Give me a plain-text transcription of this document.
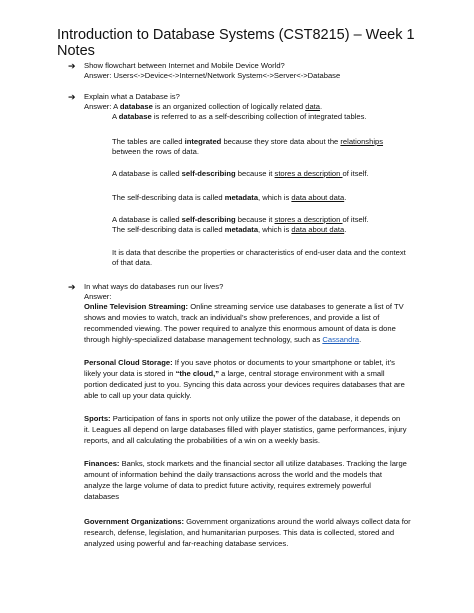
Introduction to Database Systems (CST8215) – Week 1
Notes
➔ Show flowchart between Internet and Mobile Device World?
Answer: Users<->Device<->Internet/Network System<->Server<->Database
➔ Explain what a Database is?
Answer: A database is an organized collection of logically related data.
A database is referred to as a self-describing collection of integrated tables.
The tables are called integrated because they store data about the relationships
between the rows of data.
A database is called self-describing because it stores a description of itself.
The self-describing data is called metadata, which is data about data.
A database is called self-describing because it stores a description of itself.
The self-describing data is called metadata, which is data about data.
It is data that describe the properties or characteristics of end-user data and the context
of that data.
➔ In what ways do databases run our lives?
Answer:
Online Television Streaming: Online streaming service use databases to generate a list of TV
shows and movies to watch, track an individual’s show preferences, and provide a list of
recommended viewing. The power required to analyze this enormous amount of data is done
through highly-specialized database management technology, such as Cassandra.
Personal Cloud Storage: If you save photos or documents to your smartphone or tablet, it’s
likely your data is stored in “the cloud,” a large, central storage environment with a small
portion dedicated just to you. Syncing this data across your devices requires databases that are
able to call up your data quickly.
Sports: Participation of fans in sports not only utilize the power of the database, it depends on
it. Leagues all depend on large databases filled with player statistics, game performances, injury
reports, and all calculating the probabilities of a win on a weekly basis.
Finances: Banks, stock markets and the financial sector all utilize databases. Tracking the large
amount of information behind the daily transactions across the world and the models that
analyze the large volume of data to predict future activity, requires extremely powerful
databases
Government Organizations: Government organizations around the world always collect data for
research, defense, legislation, and humanitarian purposes. This data is collected, stored and
analyzed using powerful and far-reaching database services.
